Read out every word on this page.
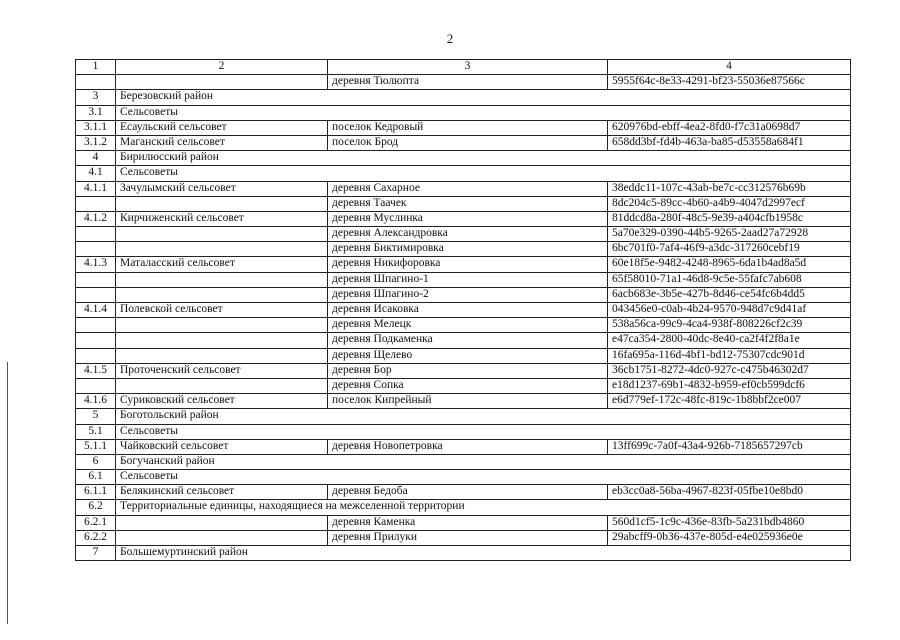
2
1	2	3	4
		деревня Тюлюпта	5955f64c-8e33-4291-bf23-55036e87566c
3	Березовский район		
3.1	Сельсоветы		
3.1.1	Есаульский сельсовет	поселок Кедровый	620976bd-ebff-4ea2-8fd0-f7c31a0698d7
3.1.2	Маганский сельсовет	поселок Брод	658dd3bf-fd4b-463a-ba85-d53558a684f1
4	Бирилюсский район		
4.1	Сельсоветы		
4.1.1	Зачулымский сельсовет	деревня Сахарное	38eddc11-107c-43ab-be7c-cc312576b69b
		деревня Таачек	8dc204c5-89cc-4b60-a4b9-4047d2997ecf
4.1.2	Кирчиженский сельсовет	деревня Муслинка	81ddcd8a-280f-48c5-9e39-a404cfb1958c
		деревня Александровка	5a70e329-0390-44b5-9265-2aad27a72928
		деревня Биктимировка	6bc701f0-7af4-46f9-a3dc-317260cebf19
4.1.3	Маталасский сельсовет	деревня Никифоровка	60e18f5e-9482-4248-8965-6da1b4ad8a5d
		деревня Шпагино-1	65f58010-71a1-46d8-9c5e-55fafc7ab608
		деревня Шпагино-2	6acb683e-3b5e-427b-8d46-ce54fc6b4dd5
4.1.4	Полевской сельсовет	деревня Исаковка	043456e0-c0ab-4b24-9570-948d7c9d41af
		деревня Мелецк	538a56ca-99c9-4ca4-938f-808226cf2c39
		деревня Подкаменка	e47ca354-2800-40dc-8e40-ca2f4f2f8a1e
		деревня Щелево	16fa695a-116d-4bf1-bd12-75307cdc901d
4.1.5	Проточенский сельсовет	деревня Бор	36cb1751-8272-4dc0-927c-c475b46302d7
		деревня Сопка	e18d1237-69b1-4832-b959-ef0cb599dcf6
4.1.6	Суриковский сельсовет	поселок Кипрейный	e6d779ef-172c-48fc-819c-1b8bbf2ce007
5	Боготольский район		
5.1	Сельсоветы		
5.1.1	Чайковский сельсовет	деревня Новопетровка	13ff699c-7a0f-43a4-926b-7185657297cb
6	Богучанский район		
6.1	Сельсоветы		
6.1.1	Белякинский сельсовет	деревня Бедоба	eb3cc0a8-56ba-4967-823f-05fbe10e8bd0
6.2	Территориальные единицы, находящиеся на межселенной территории		
6.2.1		деревня Каменка	560d1cf5-1c9c-436e-83fb-5a231bdb4860
6.2.2		деревня Прилуки	29abcff9-0b36-437e-805d-e4e025936e0e
7	Большемуртинский район		
